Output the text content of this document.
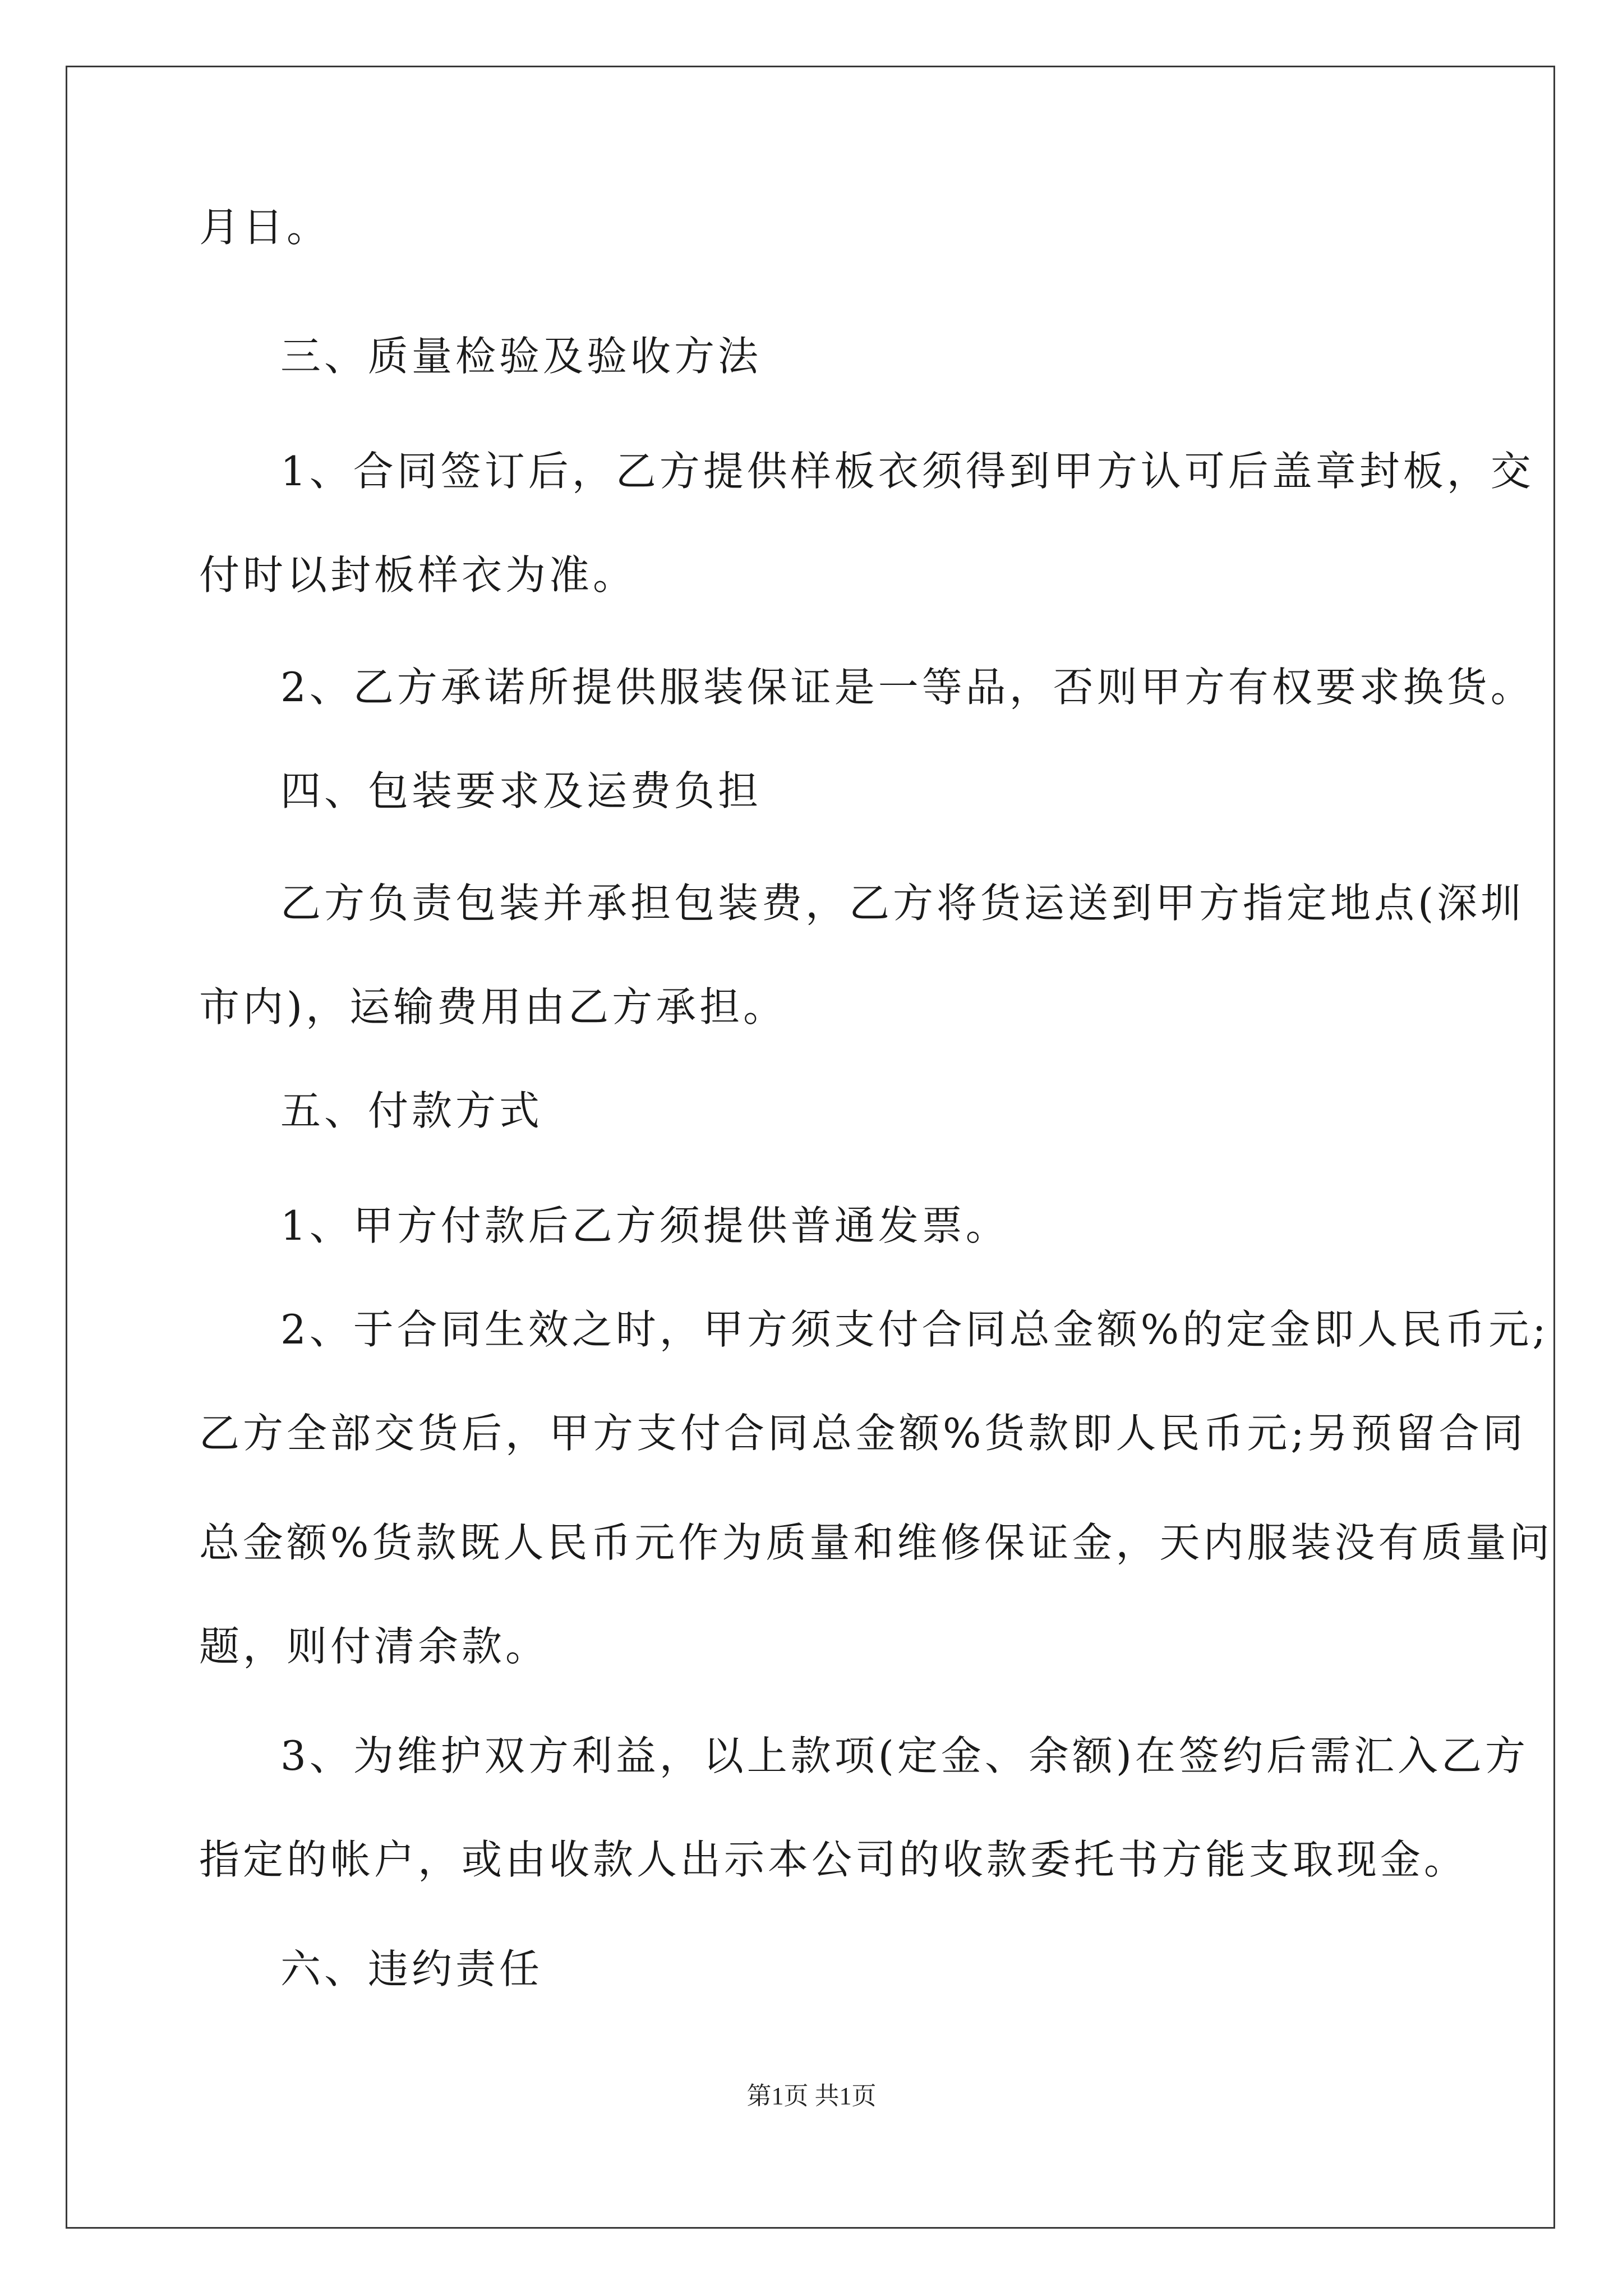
月日。
三、质量检验及验收方法
1、合同签订后，乙方提供样板衣须得到甲方认可后盖章封板，交
付时以封板样衣为准。
2、乙方承诺所提供服装保证是一等品，否则甲方有权要求换货。
四、包装要求及运费负担
乙方负责包装并承担包装费，乙方将货运送到甲方指定地点(深圳
市内)，运输费用由乙方承担。
五、付款方式
1、甲方付款后乙方须提供普通发票。
2、于合同生效之时，甲方须支付合同总金额%的定金即人民币元;
乙方全部交货后，甲方支付合同总金额%货款即人民币元;另预留合同
总金额%货款既人民币元作为质量和维修保证金，天内服装没有质量问
题，则付清余款。
3、为维护双方利益，以上款项(定金、余额)在签约后需汇入乙方
指定的帐户，或由收款人出示本公司的收款委托书方能支取现金。
六、违约责任
第1页 共1页
